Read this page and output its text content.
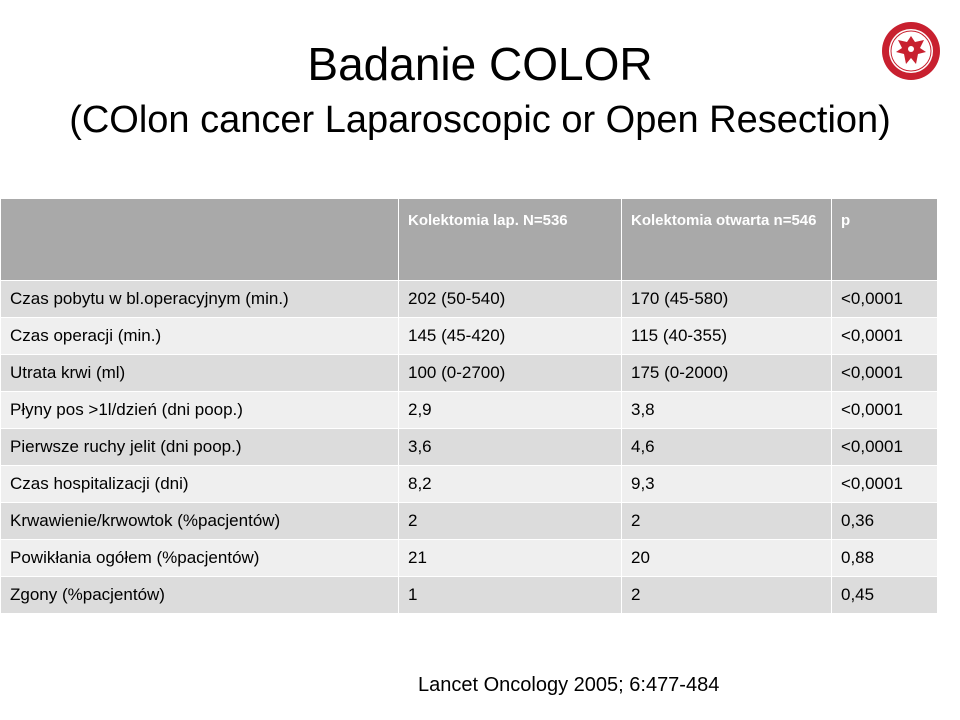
Badanie COLOR
(COlon cancer Laparoscopic or Open Resection)
	Kolektomia lap. N=536	Kolektomia otwarta n=546	p
Czas pobytu w bl.operacyjnym (min.)	202 (50-540)	170 (45-580)	<0,0001
Czas operacji (min.)	145 (45-420)	115 (40-355)	<0,0001
Utrata krwi (ml)	100 (0-2700)	175 (0-2000)	<0,0001
Płyny pos >1l/dzień (dni poop.)	2,9	3,8	<0,0001
Pierwsze ruchy jelit (dni poop.)	3,6	4,6	<0,0001
Czas hospitalizacji (dni)	8,2	9,3	<0,0001
Krwawienie/krwowtok (%pacjentów)	2	2	0,36
Powikłania ogółem (%pacjentów)	21	20	0,88
Zgony (%pacjentów)	1	2	0,45
Lancet Oncology 2005; 6:477-484
